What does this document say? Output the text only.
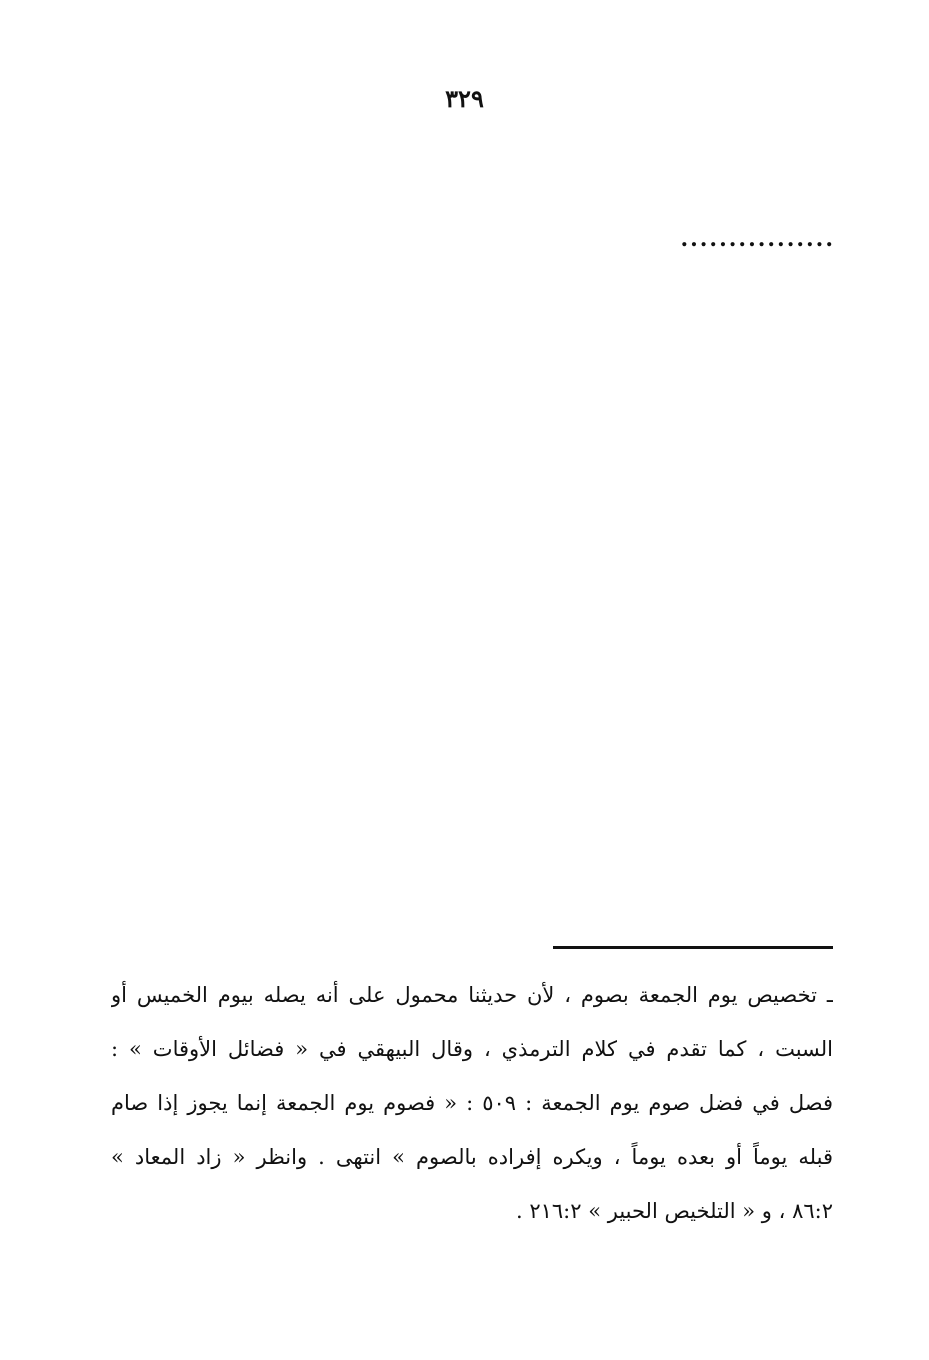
٣٢٩
................
ـ تخصيص يوم الجمعة بصوم ، لأن حديثنا محمول على أنه يصله بيوم الخميس أو
السبت ، كما تقدم في كلام الترمذي ، وقال البيهقي في « فضائل الأوقات » :
فصل في فضل صوم يوم الجمعة : ٥٠٩ : « فصوم يوم الجمعة إنما يجوز إذا صام
قبله يوماً أو بعده يوماً ، ويكره إفراده بالصوم » انتهى . وانظر « زاد المعاد »
٨٦:٢ ، و « التلخيص الحبير » ٢١٦:٢ .
